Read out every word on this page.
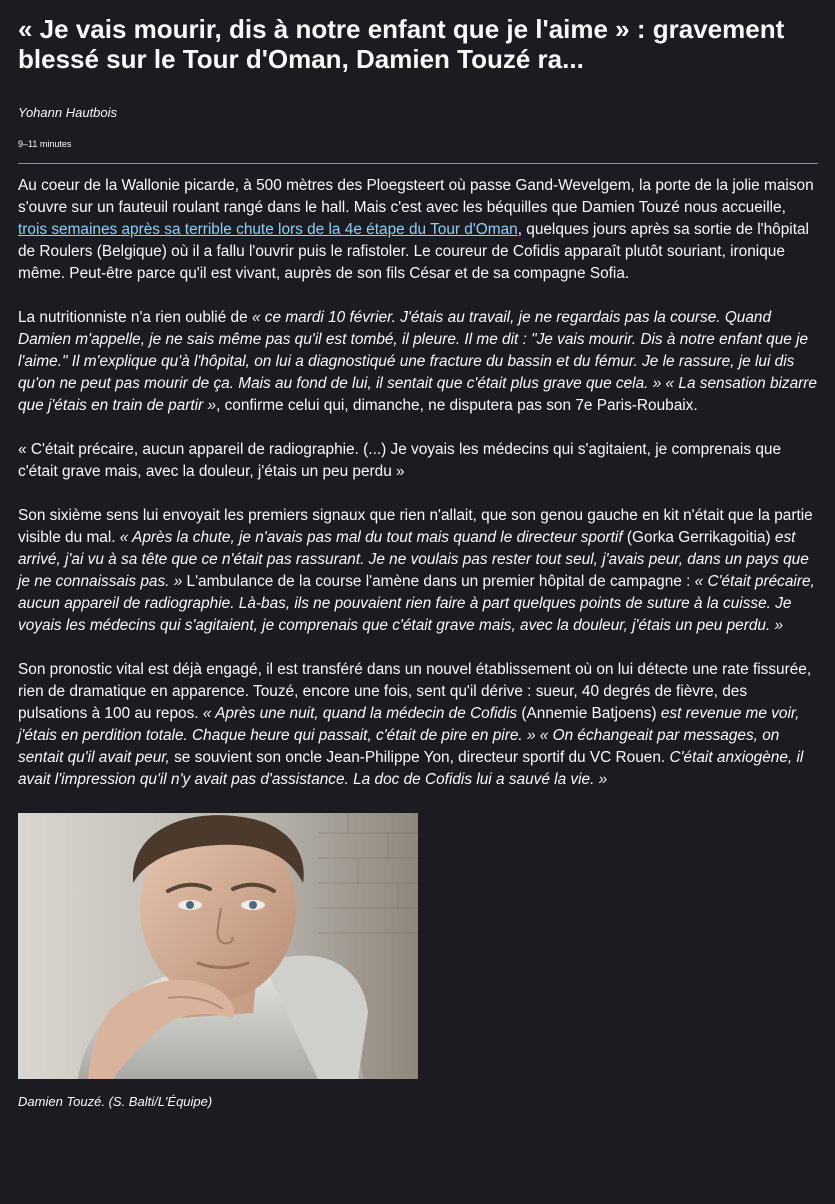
« Je vais mourir, dis à notre enfant que je l'aime » : gravement blessé sur le Tour d'Oman, Damien Touzé ra...
Yohann Hautbois
9–11 minutes

Au coeur de la Wallonie picarde, à 500 mètres des Ploegsteert où passe Gand-Wevelgem, la porte de la jolie maison s'ouvre sur un fauteuil roulant rangé dans le hall. Mais c'est avec les béquilles que Damien Touzé nous accueille, trois semaines après sa terrible chute lors de la 4e étape du Tour d'Oman, quelques jours après sa sortie de l'hôpital de Roulers (Belgique) où il a fallu l'ouvrir puis le rafistoler. Le coureur de Cofidis apparaît plutôt souriant, ironique même. Peut-être parce qu'il est vivant, auprès de son fils César et de sa compagne Sofia.

La nutritionniste n'a rien oublié de « ce mardi 10 février. J'étais au travail, je ne regardais pas la course. Quand Damien m'appelle, je ne sais même pas qu'il est tombé, il pleure. Il me dit : "Je vais mourir. Dis à notre enfant que je l'aime." Il m'explique qu'à l'hôpital, on lui a diagnostiqué une fracture du bassin et du fémur. Je le rassure, je lui dis qu'on ne peut pas mourir de ça. Mais au fond de lui, il sentait que c'était plus grave que cela. » « La sensation bizarre que j'étais en train de partir », confirme celui qui, dimanche, ne disputera pas son 7e Paris-Roubaix.

« C'était précaire, aucun appareil de radiographie. (...) Je voyais les médecins qui s'agitaient, je comprenais que c'était grave mais, avec la douleur, j'étais un peu perdu »

Son sixième sens lui envoyait les premiers signaux que rien n'allait, que son genou gauche en kit n'était que la partie visible du mal. « Après la chute, je n'avais pas mal du tout mais quand le directeur sportif (Gorka Gerrikagoitia) est arrivé, j'ai vu à sa tête que ce n'était pas rassurant. Je ne voulais pas rester tout seul, j'avais peur, dans un pays que je ne connaissais pas. » L'ambulance de la course l'amène dans un premier hôpital de campagne : « C'était précaire, aucun appareil de radiographie. Là-bas, ils ne pouvaient rien faire à part quelques points de suture à la cuisse. Je voyais les médecins qui s'agitaient, je comprenais que c'était grave mais, avec la douleur, j'étais un peu perdu. »

Son pronostic vital est déjà engagé, il est transféré dans un nouvel établissement où on lui détecte une rate fissurée, rien de dramatique en apparence. Touzé, encore une fois, sent qu'il dérive : sueur, 40 degrés de fièvre, des pulsations à 100 au repos. « Après une nuit, quand la médecin de Cofidis (Annemie Batjoens) est revenue me voir, j'étais en perdition totale. Chaque heure qui passait, c'était de pire en pire. » « On échangeait par messages, on sentait qu'il avait peur, se souvient son oncle Jean-Philippe Yon, directeur sportif du VC Rouen. C'était anxiogène, il avait l'impression qu'il n'y avait pas d'assistance. La doc de Cofidis lui a sauvé la vie. »

Damien Touzé. (S. Balti/L'Équipe)
